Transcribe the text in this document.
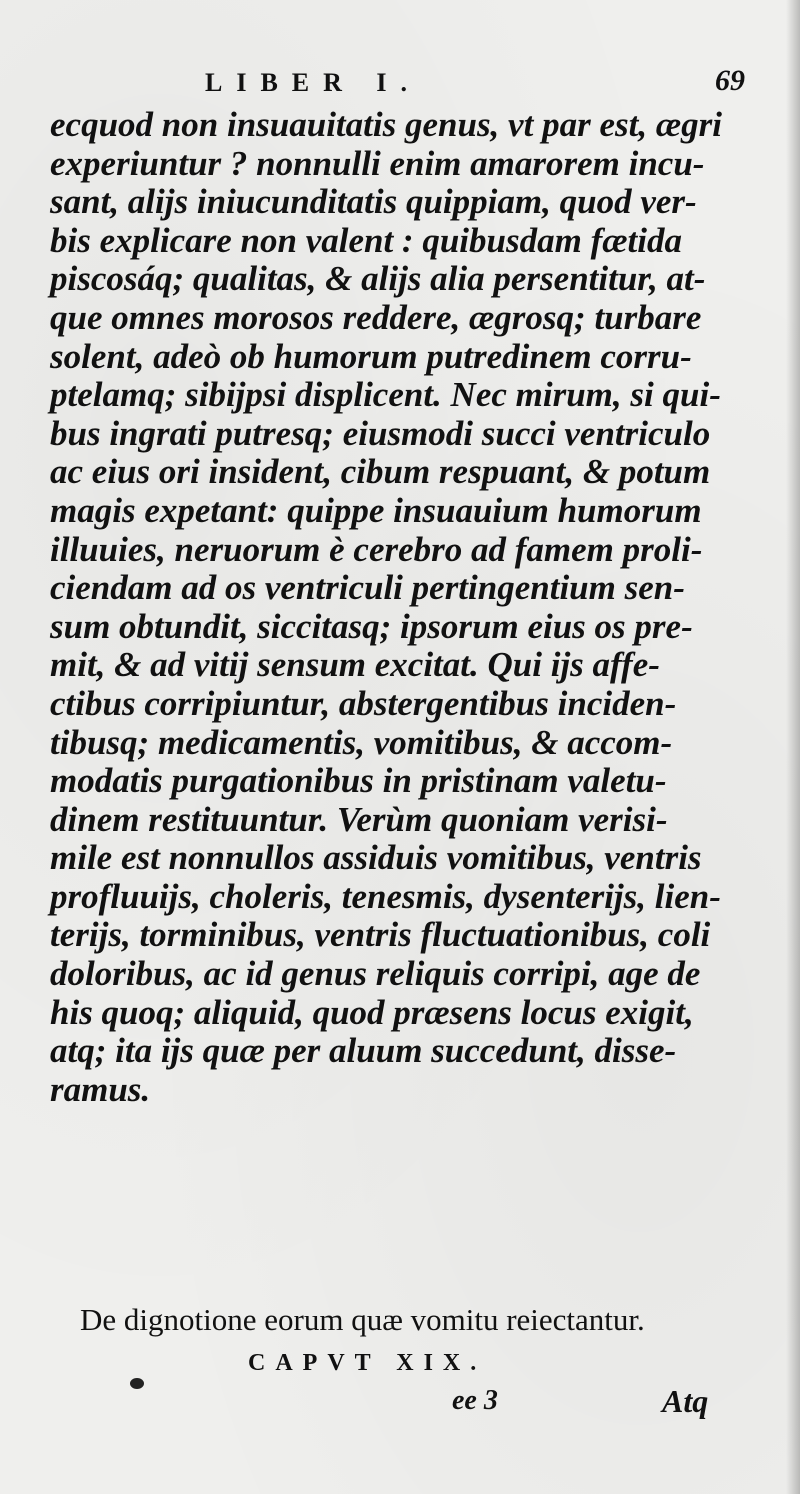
LIBER I.	69
ecquod non insuauitatis genus, vt par est, ægri
experiuntur ? nonnulli enim amarorem incu-
sant, alijs iniucunditatis quippiam, quod ver-
bis explicare non valent : quibusdam fætida
piscosáq; qualitas, & alijs alia persentitur, at-
que omnes morosos reddere, ægrosq; turbare
solent, adeò ob humorum putredinem corru-
ptelamq; sibijpsi displicent. Nec mirum, si qui-
bus ingrati putresq; eiusmodi succi ventriculo
ac eius ori insident, cibum respuant, & potum
magis expetant: quippe insuauium humorum
illuuies, neruorum è cerebro ad famem proli-
ciendam ad os ventriculi pertingentium sen-
sum obtundit, siccitasq; ipsorum eius os pre-
mit, & ad vitij sensum excitat. Qui ijs affe-
ctibus corripiuntur, abstergentibus inciden-
tibusq; medicamentis, vomitibus, & accom-
modatis purgationibus in pristinam valetu-
dinem restituuntur. Verùm quoniam verisi-
mile est nonnullos assiduis vomitibus, ventris
profluuijs, choleris, tenesmis, dysenterijs, lien-
terijs, torminibus, ventris fluctuationibus, coli
doloribus, ac id genus reliquis corripi, age de
his quoq; aliquid, quod præsens locus exigit,
atq; ita ijs quæ per aluum succedunt, disse-
ramus.
De dignotione eorum quæ vomitu reiectantur.
CAPVT XIX.
ee 3	Atq
